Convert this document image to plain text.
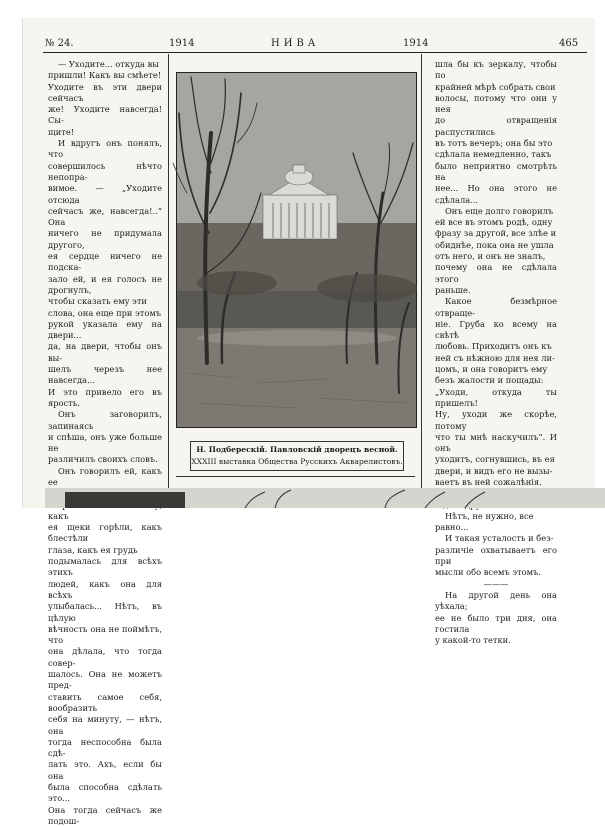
№ 24.	1914	НИВА	1914	465

— Уходите... откуда вы

пришли! Какъ вы смѣете!

Уходите въ эти двери сейчасъ

же! Уходите навсегда! Сы-

щите!

И вдругъ онъ понялъ, что

совершилось нѣчто непопра-

вимое. — „Уходите отсюда

сейчасъ же, навсегда!..“ Она

ничего не придумала другого,

ея сердце ничего не подска-

зало ей, и ея голосъ не дрогнулъ,

чтобы сказать ему эти

слова, она еще при этомъ

рукой указала ему на двери...

да, на двери, чтобы онъ вы-

шелъ черезъ нее навсегда...

И это привело его въ ярость.

Онъ заговорилъ, запинаясь

и спѣша, онъ уже больше не

различилъ своихъ словъ.

Онъ говорилъ ей, какъ ее

какъ

ея щеки горѣли, какъ блестѣли

глаза, какъ ея грудь

подымалась для всѣхъ этихъ

людей, какъ она для всѣхъ

улыбалась... Нѣтъ, въ цѣлую

вѣчность она не поймѣтъ, что

она дѣлала, что тогда совер-

шалось. Она не можетъ пред-

ставить самое себя, вообразить

себя на минуту, — нѣтъ, она

тогда неспособна была сдѣ-

лать это. Ахъ, если бы она

была способна сдѣлать это...

Она тогда сейчасъ же подош-

Н. Подберескій. Павловскій дворецъ весной.
XXXIII выставка Общества Русскихъ Акварелистовъ.

шла бы къ зеркалу, чтобы по

крайней мѣрѣ собрать свои

волосы, потому что они у нея

до отвращенія распустились

въ тотъ вечеръ; она бы это

сдѣлала немедленно, такъ

было неприятно смотрѣть на

нее... Но она этого не сдѣлала...

Онъ еще долго говорилъ

ей все въ этомъ родѣ, одну

фразу за другой, все злѣе и

обиднѣе, пока она не ушла

отъ него, и онъ не зналъ,

почему она не сдѣлала этого

раньше.

Какое безмѣрное отвраще-

ніе. Груба ко всему на свѣтѣ

любовь. Приходитъ онъ къ

ней съ нѣжною для нея ли-

цомъ, и она говоритъ ему

безъ жалости и пощады:

„Уходи, откуда ты пришелъ!

Ну, уходи же скорѣе, потому

что ты мнѣ наскучилъ“. И онъ

уходитъ, согнувшись, въ ея

двери, и видъ его не вызы-

ваетъ въ ней сожалѣнія.

Нѣтъ, не нужно, все

равно...

И такая усталость и без-

различіе охватываетъ его при

мысли обо всемъ этомъ.

———

На другой день она уѣхала;

ее не было три дня, она гостила

у какой-то тетки.
